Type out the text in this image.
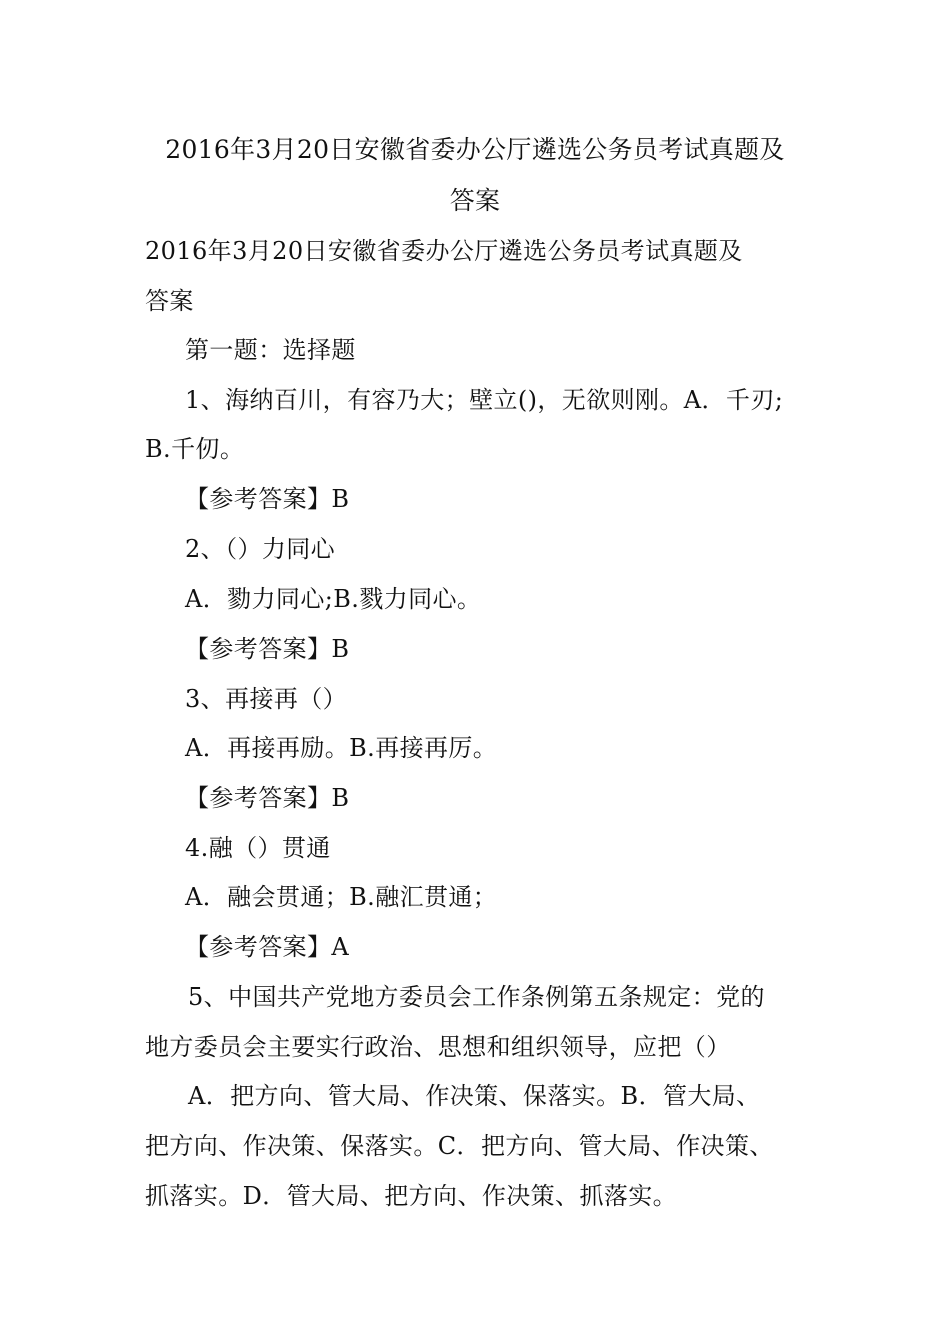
2016年3月20日安徽省委办公厅遴选公务员考试真题及
答案
2016年3月20日安徽省委办公厅遴选公务员考试真题及
答案
第一题：选择题
1、海纳百川，有容乃大；壁立()，无欲则刚。A．千刃;
B.千仞。
【参考答案】B
2、（）力同心
A．勠力同心;B.戮力同心。
【参考答案】B
3、再接再（）
A．再接再励。B.再接再厉。
【参考答案】B
4.融（）贯通
A．融会贯通；B.融汇贯通；
【参考答案】A
5、中国共产党地方委员会工作条例第五条规定：党的
地方委员会主要实行政治、思想和组织领导，应把（）
A．把方向、管大局、作决策、保落实。B．管大局、
把方向、作决策、保落实。C．把方向、管大局、作决策、
抓落实。D．管大局、把方向、作决策、抓落实。
